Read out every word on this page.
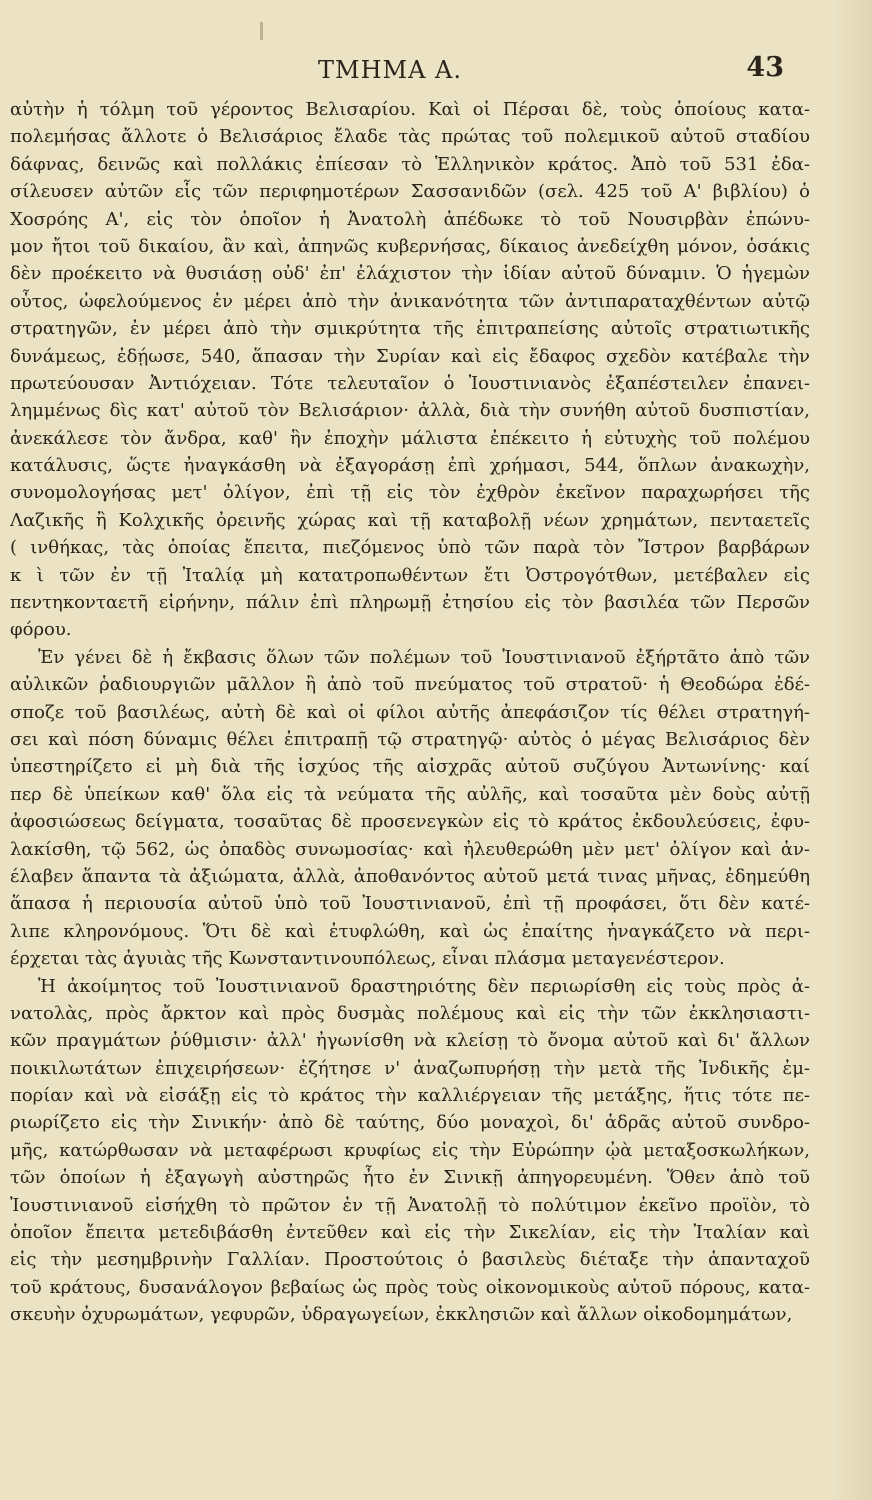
ΤΜΗΜΑ Α.	43
αὐτὴν ἡ τόλμη τοῦ γέροντος Βελισαρίου. Καὶ οἱ Πέρσαι δὲ, τοὺς ὁποίους κατα-
πολεμήσας ἄλλοτε ὁ Βελισάριος ἔλαδε τὰς πρώτας τοῦ πολεμικοῦ αὐτοῦ σταδίου
δάφνας, δεινῶς καὶ πολλάκις ἐπίεσαν τὸ Ἑλληνικὸν κράτος. Ἀπὸ τοῦ 531 ἐδα-
σίλευσεν αὐτῶν εἷς τῶν περιφημοτέρων Σασσανιδῶν (σελ. 425 τοῦ Α' βιβλίου) ὁ
Χοσρόης Α', εἰς τὸν ὁποῖον ἡ Ἀνατολὴ ἀπέδωκε τὸ τοῦ Νουσιρβὰν ἐπώνυ-
μον ἤτοι τοῦ δικαίου, ἂν καὶ, ἀπηνῶς κυβερνήσας, δίκαιος ἀνεδείχθη μόνον, ὁσάκις
δὲν προέκειτο νὰ θυσιάσῃ οὐδ' ἐπ' ἐλάχιστον τὴν ἰδίαν αὐτοῦ δύναμιν. Ὁ ἡγεμὼν
οὗτος, ὠφελούμενος ἐν μέρει ἀπὸ τὴν ἀνικανότητα τῶν ἀντιπαραταχθέντων αὐτῷ
στρατηγῶν, ἐν μέρει ἀπὸ τὴν σμικρύτητα τῆς ἐπιτραπείσης αὐτοῖς στρατιωτικῆς
δυνάμεως, ἐδῄωσε, 540, ἅπασαν τὴν Συρίαν καὶ εἰς ἔδαφος σχεδὸν κατέβαλε τὴν
πρωτεύουσαν Ἀντιόχειαν. Τότε τελευταῖον ὁ Ἰουστινιανὸς ἐξαπέστειλεν ἐπανει-
λημμένως δὶς κατ' αὐτοῦ τὸν Βελισάριον· ἀλλὰ, διὰ τὴν συνήθη αὐτοῦ δυσπιστίαν,
ἀνεκάλεσε τὸν ἄνδρα, καθ' ἣν ἐποχὴν μάλιστα ἐπέκειτο ἡ εὐτυχὴς τοῦ πολέμου
κατάλυσις, ὥςτε ἠναγκάσθη νὰ ἐξαγοράσῃ ἐπὶ χρήμασι, 544, ὅπλων ἀνακωχὴν,
συνομολογήσας μετ' ὀλίγον, ἐπὶ τῇ εἰς τὸν ἐχθρὸν ἐκεῖνον παραχωρήσει τῆς
Λαζικῆς ἢ Κολχικῆς ὀρεινῆς χώρας καὶ τῇ καταβολῇ νέων χρημάτων, πενταετεῖς
( ινθήκας, τὰς ὁποίας ἔπειτα, πιεζόμενος ὑπὸ τῶν παρὰ τὸν Ἴστρον βαρβάρων
κ ὶ τῶν ἐν τῇ Ἰταλίᾳ μὴ κατατροπωθέντων ἔτι Ὀστρογότθων, μετέβαλεν εἰς
πεντηκονταετῆ εἰρήνην, πάλιν ἐπὶ πληρωμῇ ἐτησίου εἰς τὸν βασιλέα τῶν Περσῶν
φόρου.
Ἐν γένει δὲ ἡ ἔκβασις ὅλων τῶν πολέμων τοῦ Ἰουστινιανοῦ ἐξήρτᾶτο ἀπὸ τῶν
αὐλικῶν ῥαδιουργιῶν μᾶλλον ἢ ἀπὸ τοῦ πνεύματος τοῦ στρατοῦ· ἡ Θεοδώρα ἐδέ-
σποζε τοῦ βασιλέως, αὐτὴ δὲ καὶ οἱ φίλοι αὐτῆς ἀπεφάσιζον τίς θέλει στρατηγή-
σει καὶ πόση δύναμις θέλει ἐπιτραπῇ τῷ στρατηγῷ· αὐτὸς ὁ μέγας Βελισάριος δὲν
ὑπεστηρίζετο εἰ μὴ διὰ τῆς ἰσχύος τῆς αἰσχρᾶς αὐτοῦ συζύγου Ἀντωνίνης· καί
περ δὲ ὑπείκων καθ' ὅλα εἰς τὰ νεύματα τῆς αὐλῆς, καὶ τοσαῦτα μὲν δοὺς αὐτῇ
ἀφοσιώσεως δείγματα, τοσαῦτας δὲ προσενεγκὼν εἰς τὸ κράτος ἐκδουλεύσεις, ἐφυ-
λακίσθη, τῷ 562, ὡς ὀπαδὸς συνωμοσίας· καὶ ἠλευθερώθη μὲν μετ' ὀλίγον καὶ ἀν-
έλαβεν ἅπαντα τὰ ἀξιώματα, ἀλλὰ, ἀποθανόντος αὐτοῦ μετά τινας μῆνας, ἐδημεύθη
ἅπασα ἡ περιουσία αὐτοῦ ὑπὸ τοῦ Ἰουστινιανοῦ, ἐπὶ τῇ προφάσει, ὅτι δὲν κατέ-
λιπε κληρονόμους. Ὅτι δὲ καὶ ἐτυφλώθη, καὶ ὡς ἐπαίτης ἠναγκάζετο νὰ περι-
έρχεται τὰς ἀγυιὰς τῆς Κωνσταντινουπόλεως, εἶναι πλάσμα μεταγενέστερον.
Ἡ ἀκοίμητος τοῦ Ἰουστινιανοῦ δραστηριότης δὲν περιωρίσθη εἰς τοὺς πρὸς ἀ-
νατολὰς, πρὸς ἄρκτον καὶ πρὸς δυσμὰς πολέμους καὶ εἰς τὴν τῶν ἐκκλησιαστι-
κῶν πραγμάτων ῥύθμισιν· ἀλλ' ἠγωνίσθη νὰ κλείσῃ τὸ ὄνομα αὐτοῦ καὶ δι' ἄλλων
ποικιλωτάτων ἐπιχειρήσεων· ἐζήτησε ν' ἀναζωπυρήσῃ τὴν μετὰ τῆς Ἰνδικῆς ἐμ-
πορίαν καὶ νὰ εἰσάξῃ εἰς τὸ κράτος τὴν καλλιέργειαν τῆς μετάξης, ἥτις τότε πε-
ριωρίζετο εἰς τὴν Σινικήν· ἀπὸ δὲ ταύτης, δύο μοναχοὶ, δι' ἁδρᾶς αὐτοῦ συνδρο-
μῆς, κατώρθωσαν νὰ μεταφέρωσι κρυφίως εἰς τὴν Εὐρώπην ᾠὰ μεταξοσκωλήκων,
τῶν ὁποίων ἡ ἐξαγωγὴ αὐστηρῶς ἦτο ἐν Σινικῇ ἀπηγορευμένη. Ὅθεν ἀπὸ τοῦ
Ἰουστινιανοῦ εἰσήχθη τὸ πρῶτον ἐν τῇ Ἀνατολῇ τὸ πολύτιμον ἐκεῖνο προϊὸν, τὸ
ὁποῖον ἔπειτα μετεδιβάσθη ἐντεῦθεν καὶ εἰς τὴν Σικελίαν, εἰς τὴν Ἰταλίαν καὶ
εἰς τὴν μεσημβρινὴν Γαλλίαν. Προστούτοις ὁ βασιλεὺς διέταξε τὴν ἁπανταχοῦ
τοῦ κράτους, δυσανάλογον βεβαίως ὡς πρὸς τοὺς οἰκονομικοὺς αὐτοῦ πόρους, κατα-
σκευὴν ὀχυρωμάτων, γεφυρῶν, ὑδραγωγείων, ἐκκλησιῶν καὶ ἄλλων οἰκοδομημάτων,
